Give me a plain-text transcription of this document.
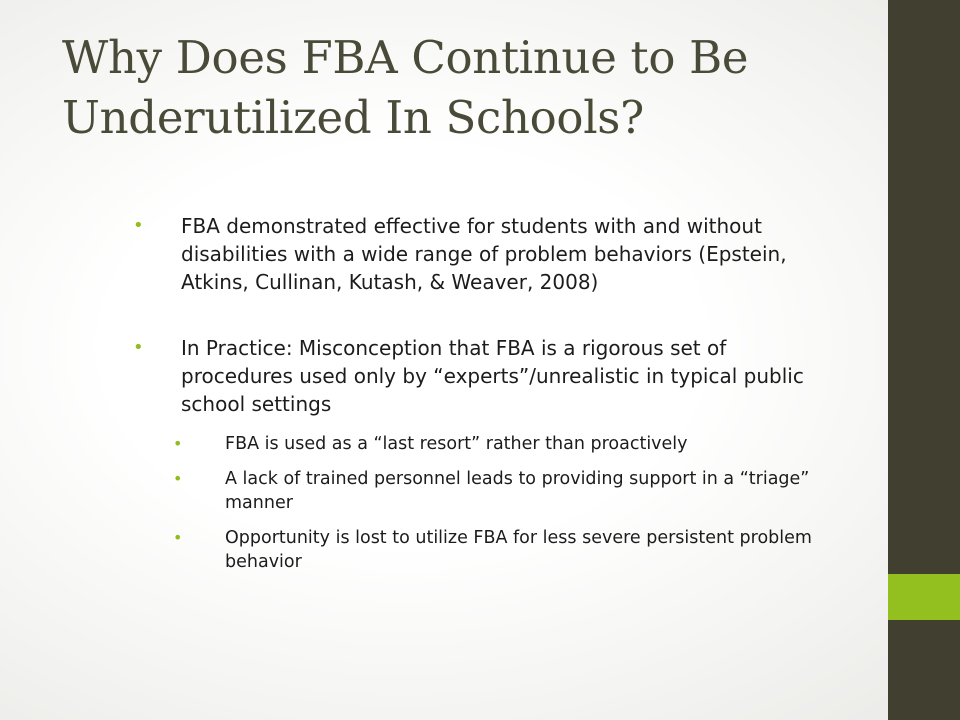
Why Does FBA Continue to Be Underutilized In Schools?

• FBA demonstrated effective for students with and without disabilities with a wide range of problem behaviors (Epstein, Atkins, Cullinan, Kutash, & Weaver, 2008)

• In Practice: Misconception that FBA is a rigorous set of procedures used only by “experts”/unrealistic in typical public school settings

• FBA is used as a “last resort” rather than proactively

• A lack of trained personnel leads to providing support in a “triage” manner

• Opportunity is lost to utilize FBA for less severe persistent problem behavior
